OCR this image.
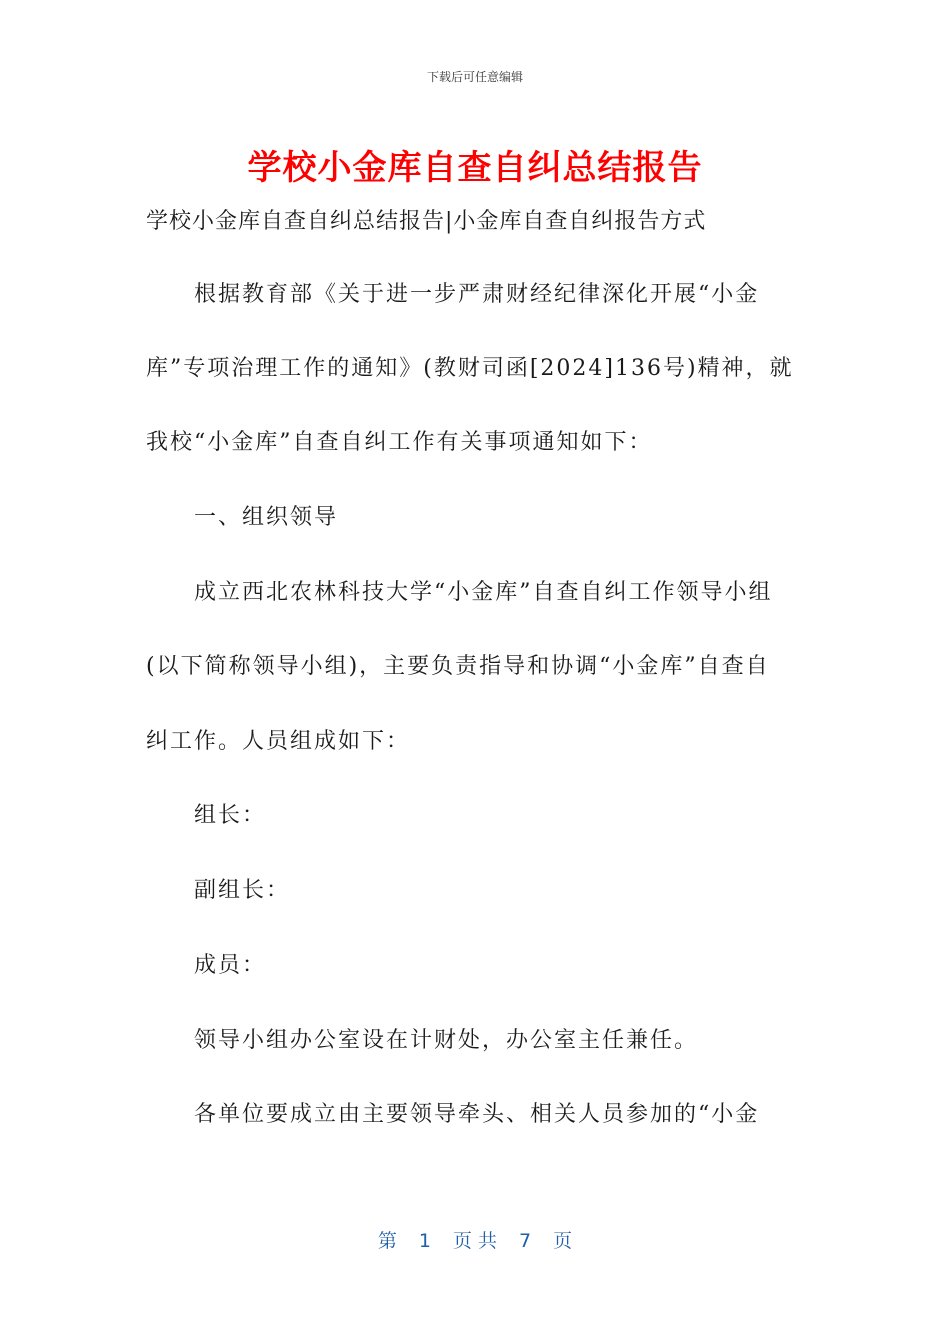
下载后可任意编辑
学校小金库自查自纠总结报告
学校小金库自查自纠总结报告|小金库自查自纠报告方式
根据教育部《关于进一步严肃财经纪律深化开展“小金
库”专项治理工作的通知》(教财司函[2024]136号)精神，就
我校“小金库”自查自纠工作有关事项通知如下：
一、组织领导
成立西北农林科技大学“小金库”自查自纠工作领导小组
(以下简称领导小组)，主要负责指导和协调“小金库”自查自
纠工作。人员组成如下：
组长：
副组长：
成员：
领导小组办公室设在计财处，办公室主任兼任。
各单位要成立由主要领导牵头、相关人员参加的“小金
第 1 页 共 7 页
